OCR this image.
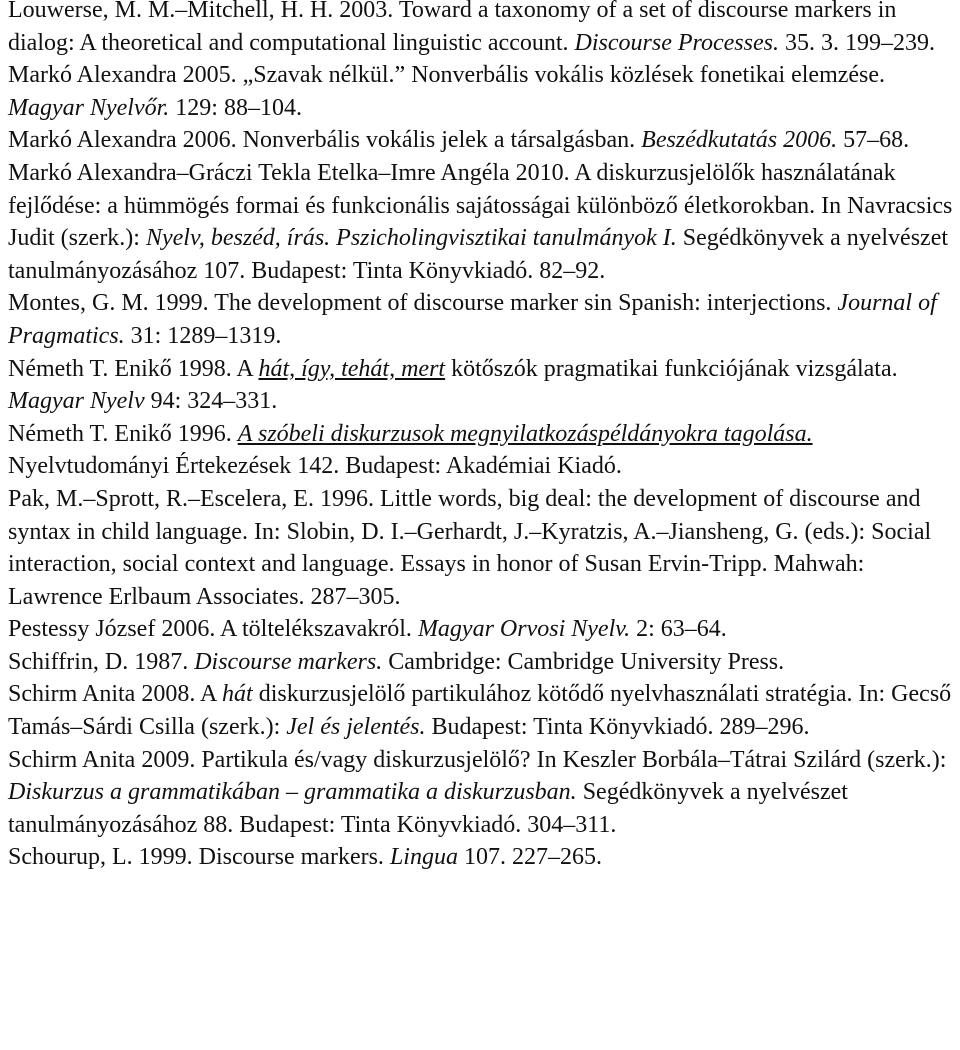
Louwerse, M. M.–Mitchell, H. H. 2003. Toward a taxonomy of a set of discourse markers in dialog: A theoretical and computational linguistic account. Discourse Processes. 35. 3. 199–239.

Markó Alexandra 2005. „Szavak nélkül.” Nonverbális vokális közlések fonetikai elemzése. Magyar Nyelvőr. 129: 88–104.

Markó Alexandra 2006. Nonverbális vokális jelek a társalgásban. Beszédkutatás 2006. 57–68.

Markó Alexandra–Gráczi Tekla Etelka–Imre Angéla 2010. A diskurzusjelölők használatának fejlődése: a hümmögés formai és funkcionális sajátosságai különböző életkorokban. In Navracsics Judit (szerk.): Nyelv, beszéd, írás. Pszicholingvisztikai tanulmányok I. Segédkönyvek a nyelvészet tanulmányozásához 107. Budapest: Tinta Könyvkiadó. 82–92.

Montes, G. M. 1999. The development of discourse marker sin Spanish: interjections. Journal of Pragmatics. 31: 1289–1319.

Németh T. Enikő 1998. A hát, így, tehát, mert kötőszók pragmatikai funkciójának vizsgálata. Magyar Nyelv 94: 324–331.

Németh T. Enikő 1996. A szóbeli diskurzusok megnyilatkozáspéldányokra tagolása. Nyelvtudományi Értekezések 142. Budapest: Akadémiai Kiadó.

Pak, M.–Sprott, R.–Escelera, E. 1996. Little words, big deal: the development of discourse and syntax in child language. In: Slobin, D. I.–Gerhardt, J.–Kyratzis, A.–Jiansheng, G. (eds.): Social interaction, social context and language. Essays in honor of Susan Ervin-Tripp. Mahwah: Lawrence Erlbaum Associates. 287–305.

Pestessy József 2006. A töltelékszavakról. Magyar Orvosi Nyelv. 2: 63–64.

Schiffrin, D. 1987. Discourse markers. Cambridge: Cambridge University Press.

Schirm Anita 2008. A hát diskurzusjelölő partikulához kötődő nyelvhasználati stratégia. In: Gecső Tamás–Sárdi Csilla (szerk.): Jel és jelentés. Budapest: Tinta Könyvkiadó. 289–296.

Schirm Anita 2009. Partikula és/vagy diskurzusjelölő? In Keszler Borbála–Tátrai Szilárd (szerk.): Diskurzus a grammatikában – grammatika a diskurzusban. Segédkönyvek a nyelvészet tanulmányozásához 88. Budapest: Tinta Könyvkiadó. 304–311.

Schourup, L. 1999. Discourse markers. Lingua 107. 227–265.
